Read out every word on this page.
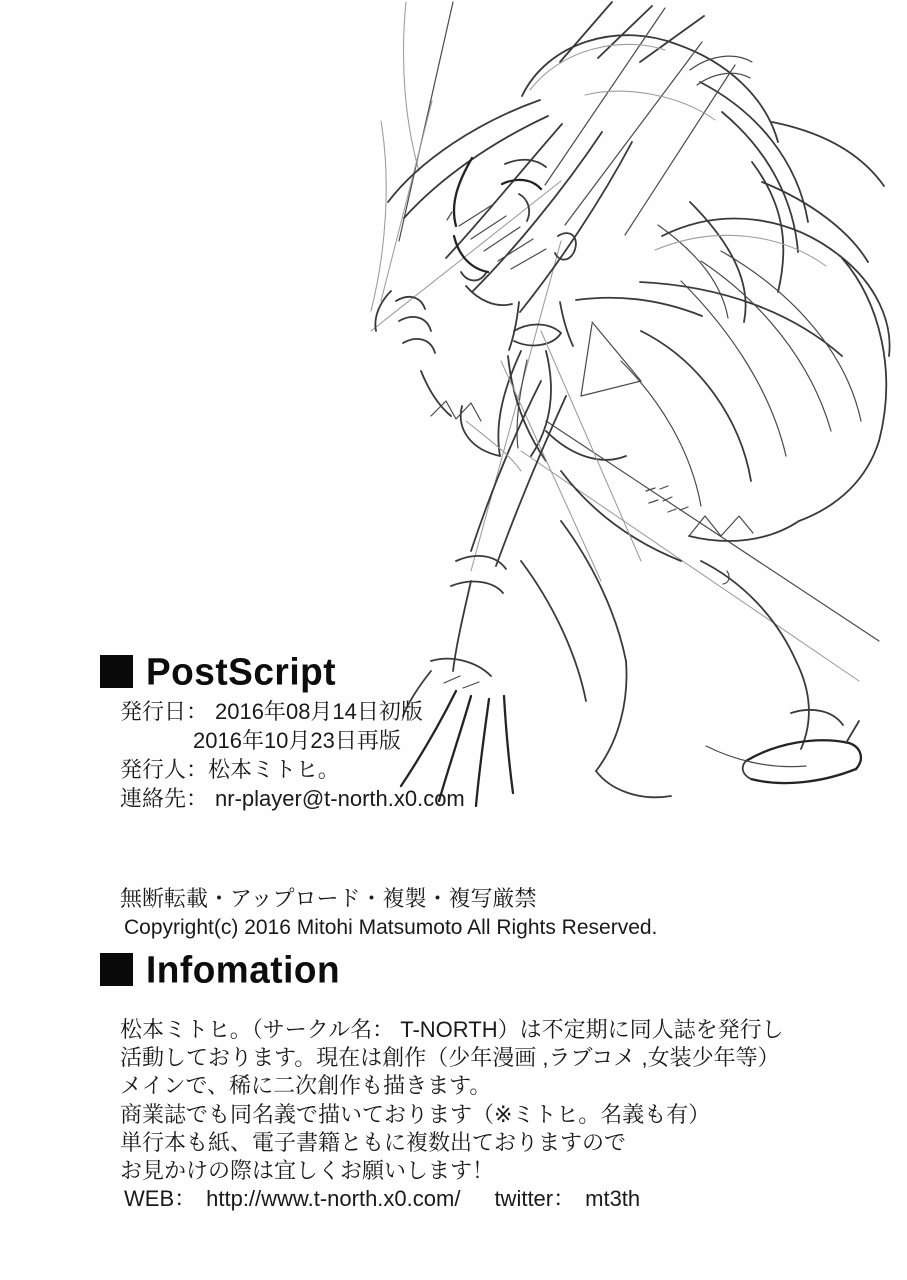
PostScript
発行日： 2016年08月14日初版
2016年10月23日再版
発行人：松本ミトヒ。
連絡先： nr-player@t-north.x0.com
無断転載・アップロード・複製・複写厳禁
Copyright(c) 2016 Mitohi Matsumoto All Rights Reserved.
Infomation
松本ミトヒ。（サークル名： T-NORTH）は不定期に同人誌を発行し
活動しております。現在は創作（少年漫画 ,ラブコメ ,女装少年等）
メインで、稀に二次創作も描きます。
商業誌でも同名義で描いております（※ミトヒ。名義も有）
単行本も紙、電子書籍ともに複数出ておりますので
お見かけの際は宜しくお願いします！
WEB： http://www.t-north.x0.com/ twitter： mt3th
